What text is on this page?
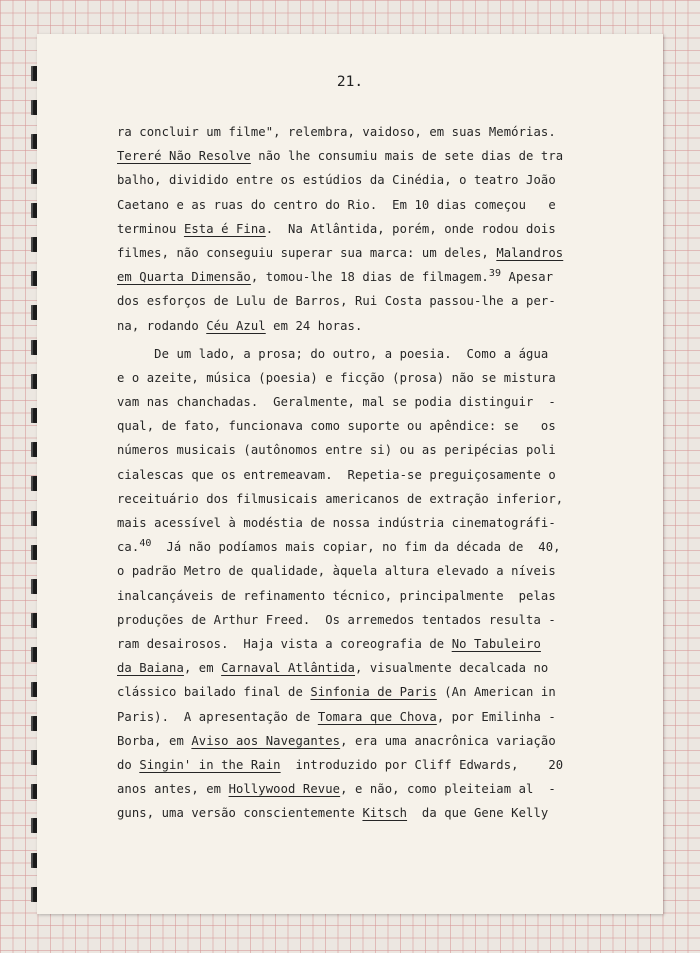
21.
ra concluir um filme", relembra, vaidoso, em suas Memórias.
Tereré Não Resolve não lhe consumiu mais de sete dias de tra
balho, dividido entre os estúdios da Cinédia, o teatro João
Caetano e as ruas do centro do Rio.  Em 10 dias começou   e
terminou Esta é Fina.  Na Atlântida, porém, onde rodou dois
filmes, não conseguiu superar sua marca: um deles, Malandros
em Quarta Dimensão, tomou-lhe 18 dias de filmagem.$^{39}$ Apesar
dos esforços de Lulu de Barros, Rui Costa passou-lhe a per-
na, rodando Céu Azul em 24 horas.
De um lado, a prosa; do outro, a poesia.  Como a água
e o azeite, música (poesia) e ficção (prosa) não se mistura
vam nas chanchadas.  Geralmente, mal se podia distinguir  -
qual, de fato, funcionava como suporte ou apêndice: se   os
números musicais (autônomos entre si) ou as peripécias poli
cialescas que os entremeavam.  Repetia-se preguiçosamente o
receituário dos filmusicais americanos de extração inferior,
mais acessível à modéstia de nossa indústria cinematográfi-
ca.$^{40}$  Já não podíamos mais copiar, no fim da década de  40,
o padrão Metro de qualidade, àquela altura elevado a níveis
inalcançáveis de refinamento técnico, principalmente  pelas
produções de Arthur Freed.  Os arremedos tentados resulta -
ram desairosos.  Haja vista a coreografia de No Tabuleiro
da Baiana, em Carnaval Atlântida, visualmente decalcada no
clássico bailado final de Sinfonia de Paris (An American in
Paris).  A apresentação de Tomara que Chova, por Emilinha -
Borba, em Aviso aos Navegantes, era uma anacrônica variação
do Singin' in the Rain  introduzido por Cliff Edwards,    20
anos antes, em Hollywood Revue, e não, como pleiteiam al  -
guns, uma versão conscientemente Kitsch  da que Gene Kelly
